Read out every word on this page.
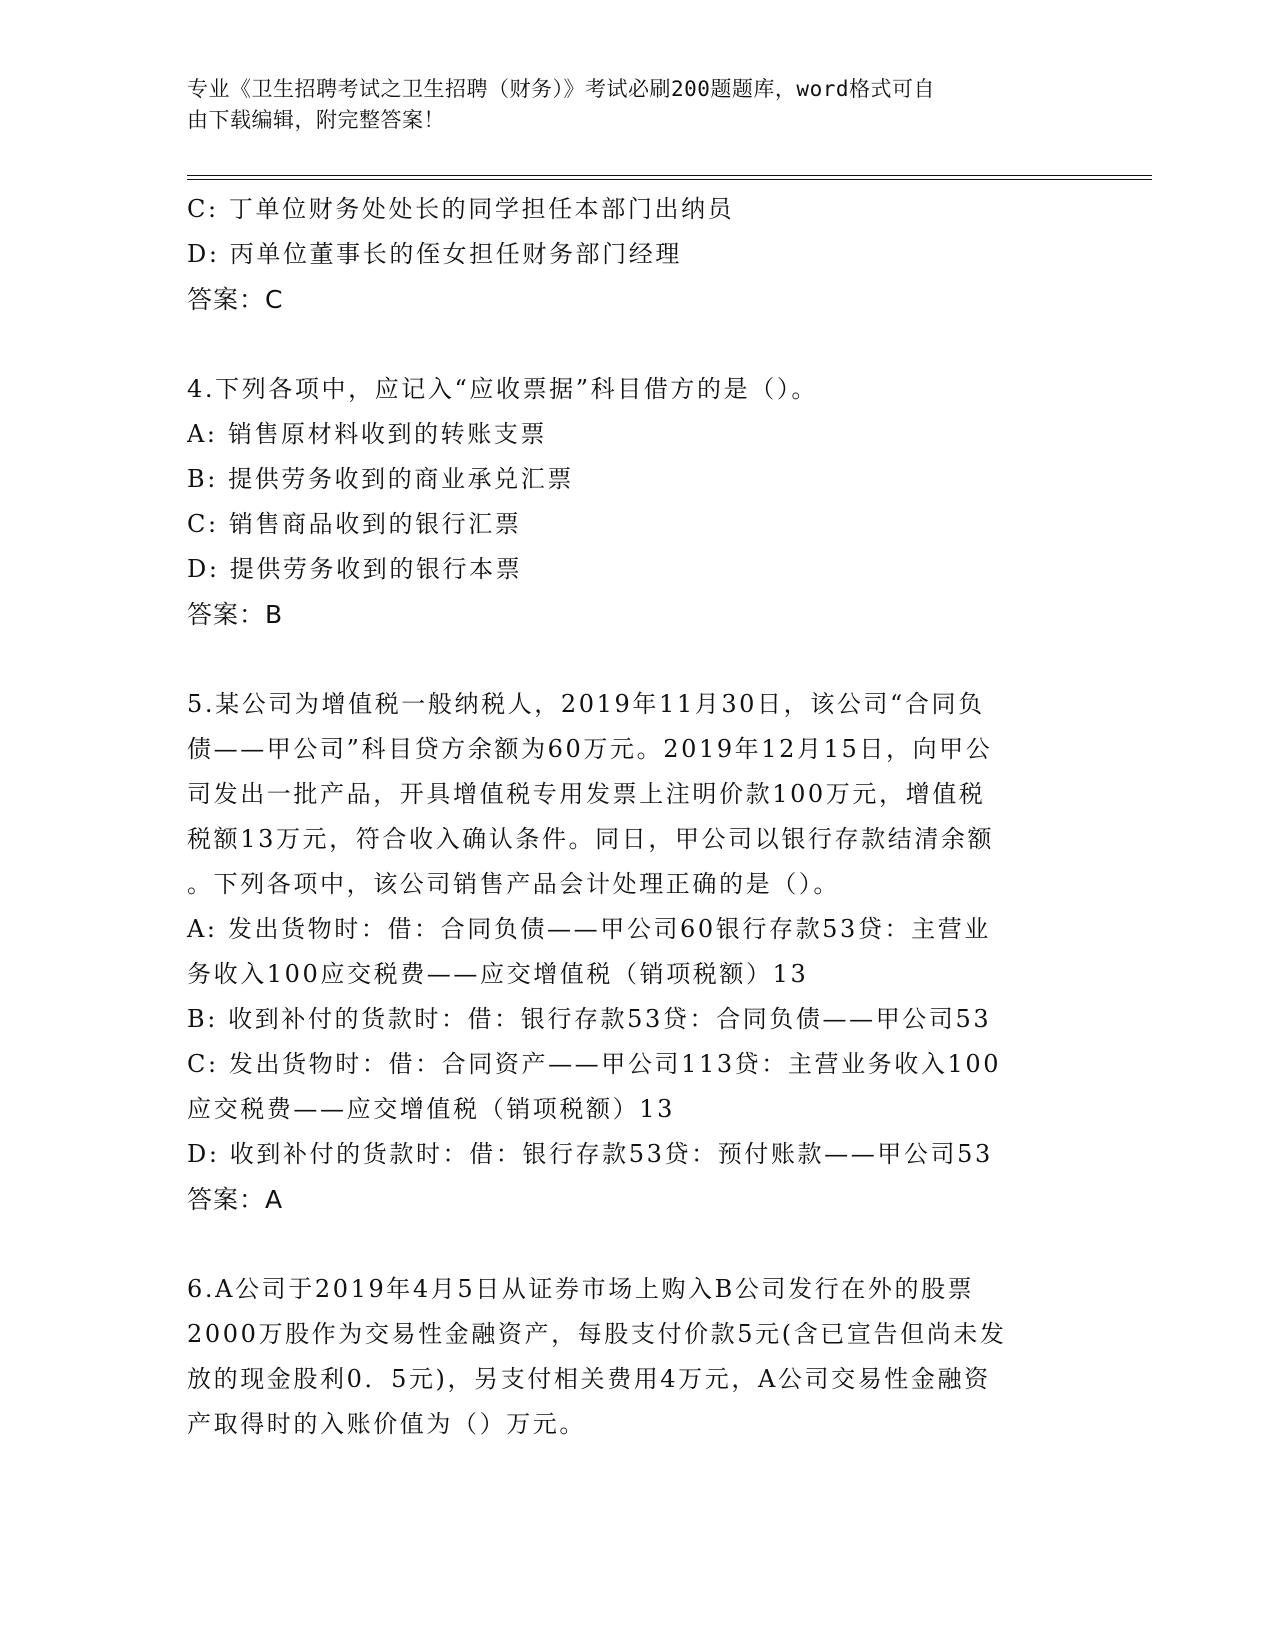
专业《卫生招聘考试之卫生招聘（财务）》考试必刷200题题库，word格式可自
由下载编辑，附完整答案！
C: 丁单位财务处处长的同学担任本部门出纳员
D: 丙单位董事长的侄女担任财务部门经理
答案：C
4.下列各项中，应记入“应收票据”科目借方的是（）。
A: 销售原材料收到的转账支票
B: 提供劳务收到的商业承兑汇票
C: 销售商品收到的银行汇票
D: 提供劳务收到的银行本票
答案：B
5.某公司为增值税一般纳税人，2019年11月30日，该公司“合同负
债——甲公司”科目贷方余额为60万元。2019年12月15日，向甲公
司发出一批产品，开具增值税专用发票上注明价款100万元，增值税
税额13万元，符合收入确认条件。同日，甲公司以银行存款结清余额
。下列各项中，该公司销售产品会计处理正确的是（）。
A: 发出货物时：借：合同负债——甲公司60银行存款53贷：主营业
务收入100应交税费——应交增值税（销项税额）13
B: 收到补付的货款时：借：银行存款53贷：合同负债——甲公司53
C: 发出货物时：借：合同资产——甲公司113贷：主营业务收入100
应交税费——应交增值税（销项税额）13
D: 收到补付的货款时：借：银行存款53贷：预付账款——甲公司53
答案：A
6.A公司于2019年4月5日从证券市场上购入B公司发行在外的股票
2000万股作为交易性金融资产，每股支付价款5元(含已宣告但尚未发
放的现金股利0．5元)，另支付相关费用4万元，A公司交易性金融资
产取得时的入账价值为（）万元。
